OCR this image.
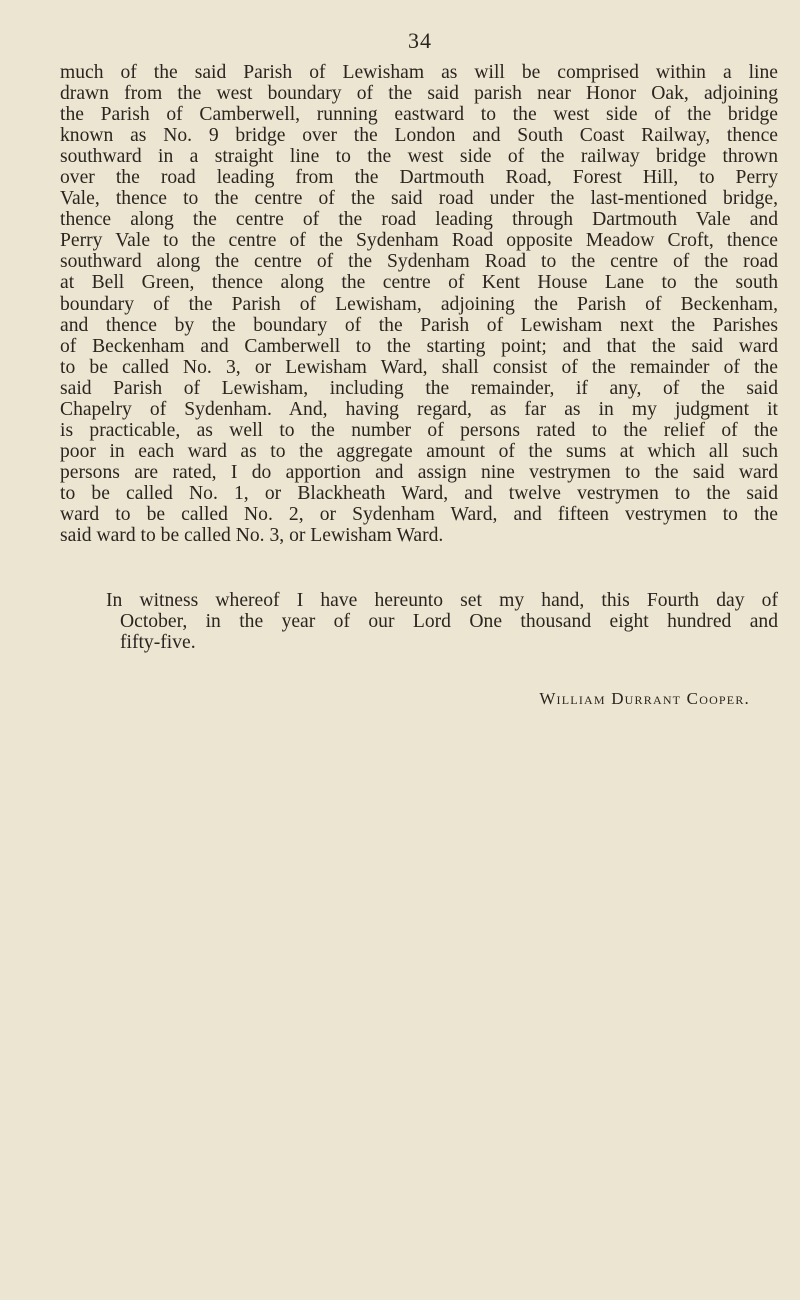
34
much of the said Parish of Lewisham as will be comprised within a line
drawn from the west boundary of the said parish near Honor Oak, adjoining
the Parish of Camberwell, running eastward to the west side of the bridge
known as No. 9 bridge over the London and South Coast Railway, thence
southward in a straight line to the west side of the railway bridge thrown
over the road leading from the Dartmouth Road, Forest Hill, to Perry
Vale, thence to the centre of the said road under the last-mentioned bridge,
thence along the centre of the road leading through Dartmouth Vale and
Perry Vale to the centre of the Sydenham Road opposite Meadow Croft, thence
southward along the centre of the Sydenham Road to the centre of the road
at Bell Green, thence along the centre of Kent House Lane to the south
boundary of the Parish of Lewisham, adjoining the Parish of Beckenham,
and thence by the boundary of the Parish of Lewisham next the Parishes
of Beckenham and Camberwell to the starting point; and that the said ward
to be called No. 3, or Lewisham Ward, shall consist of the remainder of the
said Parish of Lewisham, including the remainder, if any, of the said
Chapelry of Sydenham. And, having regard, as far as in my judgment it
is practicable, as well to the number of persons rated to the relief of the
poor in each ward as to the aggregate amount of the sums at which all such
persons are rated, I do apportion and assign nine vestrymen to the said ward
to be called No. 1, or Blackheath Ward, and twelve vestrymen to the said
ward to be called No. 2, or Sydenham Ward, and fifteen vestrymen to the
said ward to be called No. 3, or Lewisham Ward.
In witness whereof I have hereunto set my hand, this Fourth day of
October, in the year of our Lord One thousand eight hundred and
fifty-five.
William Durrant Cooper.
